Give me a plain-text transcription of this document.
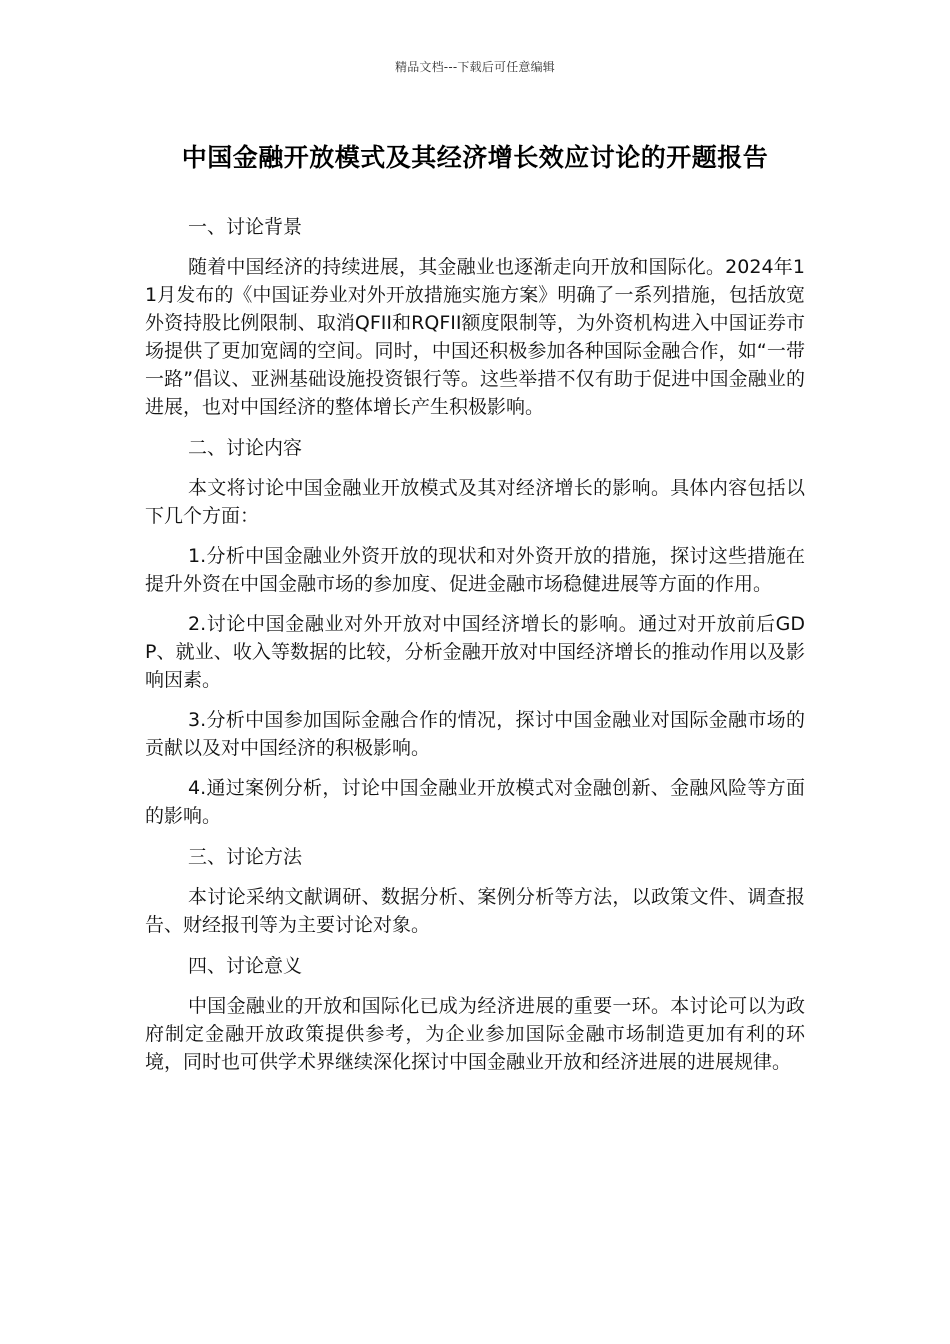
精品文档---下载后可任意编辑
中国金融开放模式及其经济增长效应讨论的开题报告
一、讨论背景

随着中国经济的持续进展，其金融业也逐渐走向开放和国际化。2024年11月发布的《中国证券业对外开放措施实施方案》明确了一系列措施，包括放宽外资持股比例限制、取消QFII和RQFII额度限制等，为外资机构进入中国证券市场提供了更加宽阔的空间。同时，中国还积极参加各种国际金融合作，如“一带一路”倡议、亚洲基础设施投资银行等。这些举措不仅有助于促进中国金融业的进展，也对中国经济的整体增长产生积极影响。

二、讨论内容

本文将讨论中国金融业开放模式及其对经济增长的影响。具体内容包括以下几个方面：

1.分析中国金融业外资开放的现状和对外资开放的措施，探讨这些措施在提升外资在中国金融市场的参加度、促进金融市场稳健进展等方面的作用。

2.讨论中国金融业对外开放对中国经济增长的影响。通过对开放前后GDP、就业、收入等数据的比较，分析金融开放对中国经济增长的推动作用以及影响因素。

3.分析中国参加国际金融合作的情况，探讨中国金融业对国际金融市场的贡献以及对中国经济的积极影响。

4.通过案例分析，讨论中国金融业开放模式对金融创新、金融风险等方面的影响。

三、讨论方法

本讨论采纳文献调研、数据分析、案例分析等方法，以政策文件、调查报告、财经报刊等为主要讨论对象。

四、讨论意义

中国金融业的开放和国际化已成为经济进展的重要一环。本讨论可以为政府制定金融开放政策提供参考，为企业参加国际金融市场制造更加有利的环境，同时也可供学术界继续深化探讨中国金融业开放和经济进展的进展规律。
